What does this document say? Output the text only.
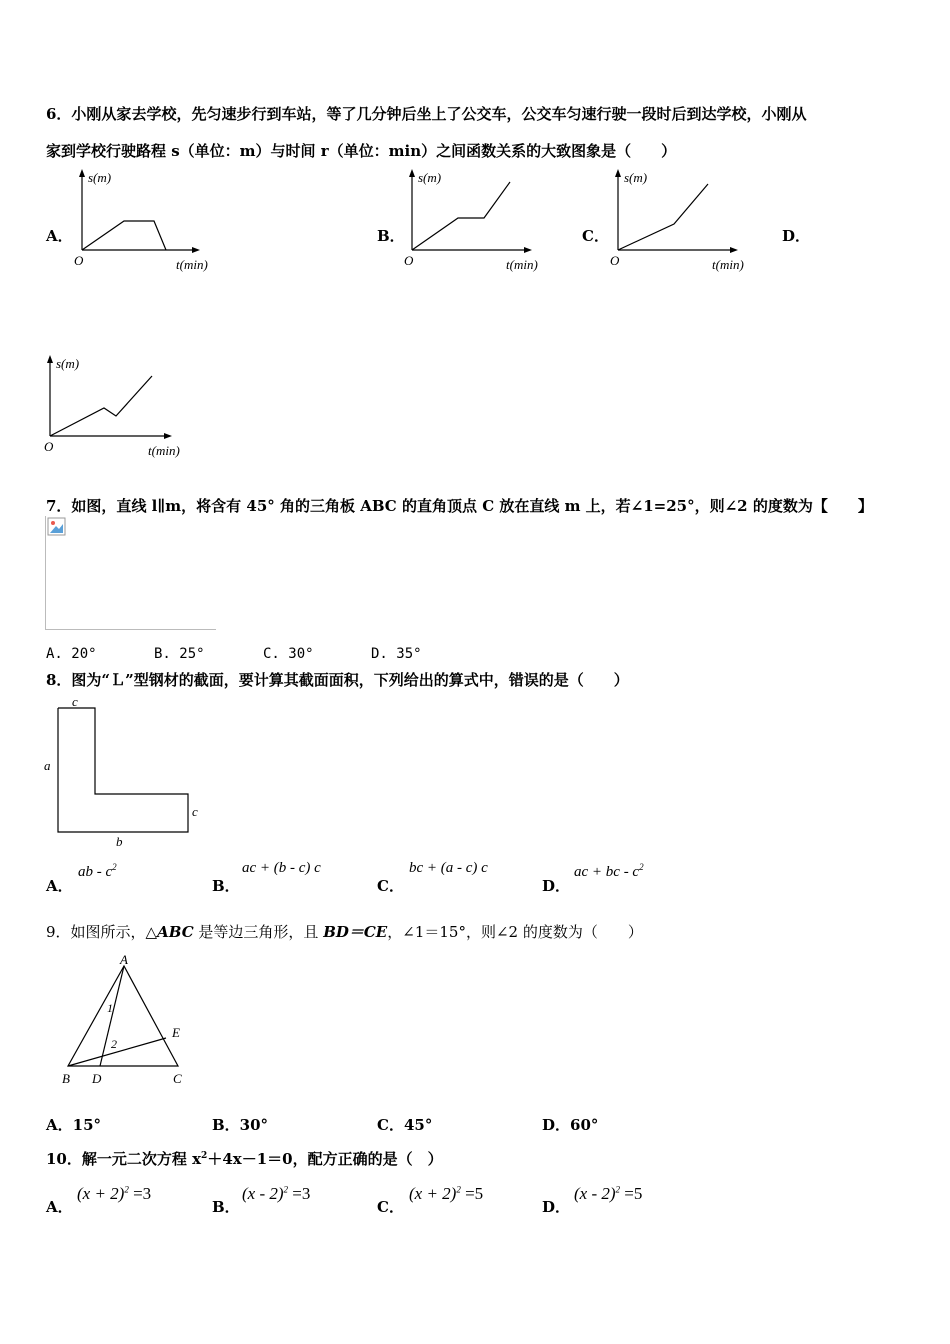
6．小刚从家去学校，先匀速步行到车站，等了几分钟后坐上了公交车，公交车匀速行驶一段时后到达学校，小刚从
家到学校行驶路程 s（单位：m）与时间 r（单位：min）之间函数关系的大致图象是（　　）
A．
s(m)
O	t(min)
B．
s(m)
O	t(min)
C．
s(m)
O	t(min)
D．
s(m)
O	t(min)
7．如图，直线 l∥m，将含有 45° 角的三角板 ABC 的直角顶点 C 放在直线 m 上，若∠1=25°，则∠2 的度数为【　　】
A. 20°	B. 25°	C. 30°	D. 35°
8．图为“Ｌ”型钢材的截面，要计算其截面面积，下列给出的算式中，错误的是（　　）
c
a
c
b
A．
ab - $c^2$
B．
ac + (b - c) c
C．
bc + (a - c) c
D．
ac + bc - $c^2$
9．如图所示，△ABC 是等边三角形，且 BD＝CE，∠1＝15°，则∠2 的度数为（　　）
A
B D	C
E
1
2
A．15°	B．30°	C．45°	D．60°
10．解一元二次方程 $x^2+4x-1=0$，配方正确的是（　）
A．
$(x + 2)^2 =3$
B．
(x - 2)$^2$ =3
C．
$(x + 2)^2 =5$
D．
(x - 2)$^2$ =5
